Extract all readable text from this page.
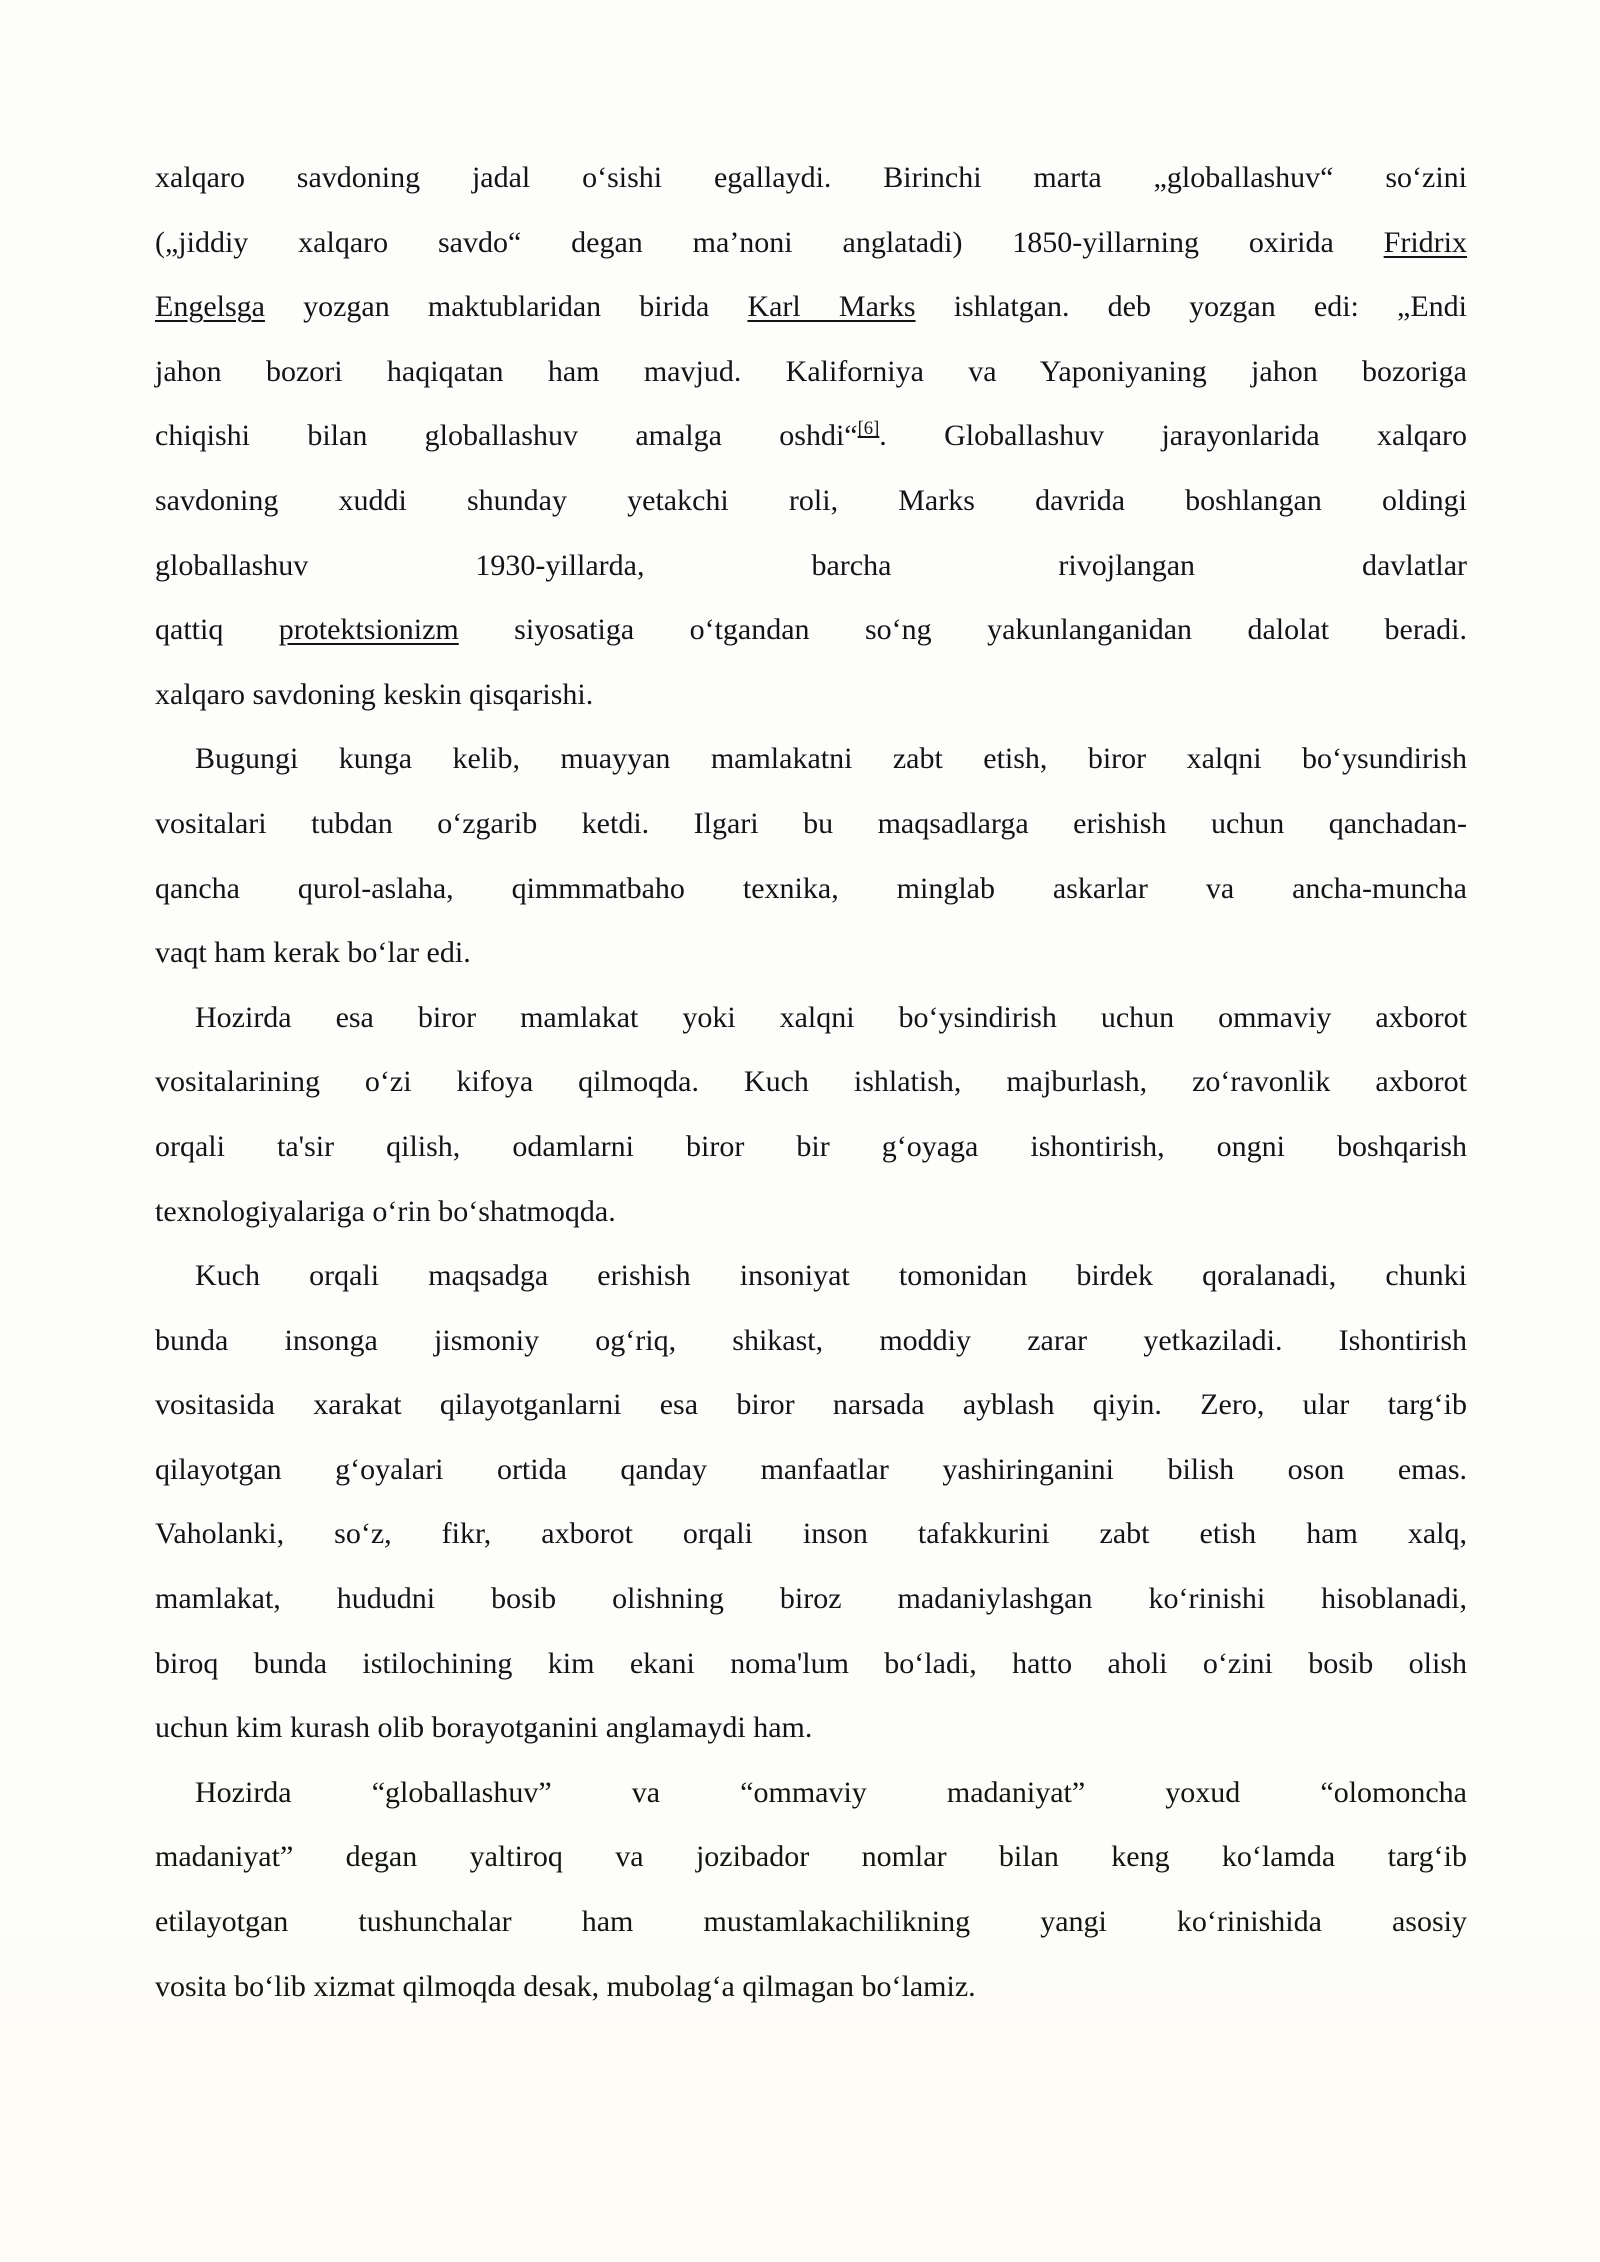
xalqaro savdoning jadal o‘sishi egallaydi. Birinchi marta „globallashuv“ so‘zini
(„jiddiy xalqaro savdo“ degan ma’noni anglatadi) 1850-yillarning oxirida Fridrix
Engelsga yozgan maktublaridan birida Karl Marks ishlatgan. deb yozgan edi: „Endi
jahon bozori haqiqatan ham mavjud. Kaliforniya va Yaponiyaning jahon bozoriga
chiqishi bilan globallashuv amalga oshdi“[6]. Globallashuv jarayonlarida xalqaro
savdoning xuddi shunday yetakchi roli, Marks davrida boshlangan oldingi
globallashuv 1930-yillarda, barcha rivojlangan davlatlar
qattiq protektsionizm siyosatiga o‘tgandan so‘ng yakunlanganidan dalolat beradi.
xalqaro savdoning keskin qisqarishi.
Bugungi kunga kelib, muayyan mamlakatni zabt etish, biror xalqni bo‘ysundirish
vositalari tubdan o‘zgarib ketdi. Ilgari bu maqsadlarga erishish uchun qanchadan-
qancha qurol-aslaha, qimmmatbaho texnika, minglab askarlar va ancha-muncha
vaqt ham kerak bo‘lar edi.
Hozirda esa biror mamlakat yoki xalqni bo‘ysindirish uchun ommaviy axborot
vositalarining o‘zi kifoya qilmoqda. Kuch ishlatish, majburlash, zo‘ravonlik axborot
orqali ta'sir qilish, odamlarni biror bir g‘oyaga ishontirish, ongni boshqarish
texnologiyalariga o‘rin bo‘shatmoqda.
Kuch orqali maqsadga erishish insoniyat tomonidan birdek qoralanadi, chunki
bunda insonga jismoniy og‘riq, shikast, moddiy zarar yetkaziladi. Ishontirish
vositasida xarakat qilayotganlarni esa biror narsada ayblash qiyin. Zero, ular targ‘ib
qilayotgan g‘oyalari ortida qanday manfaatlar yashiringanini bilish oson emas.
Vaholanki, so‘z, fikr, axborot orqali inson tafakkurini zabt etish ham xalq,
mamlakat, hududni bosib olishning biroz madaniylashgan ko‘rinishi hisoblanadi,
biroq bunda istilochining kim ekani noma'lum bo‘ladi, hatto aholi o‘zini bosib olish
uchun kim kurash olib borayotganini anglamaydi ham.
Hozirda “global​lashuv” va “ommaviy madaniyat” yoxud “olomoncha
madaniyat” degan yaltiroq va jozibador nomlar bilan keng ko‘lamda targ‘ib
etilayotgan tushunchalar ham mustamlakachilikning yangi ko‘rinishida asosiy
vosita bo‘lib xizmat qilmoqda desak, mubolag‘a qilmagan bo‘lamiz.
